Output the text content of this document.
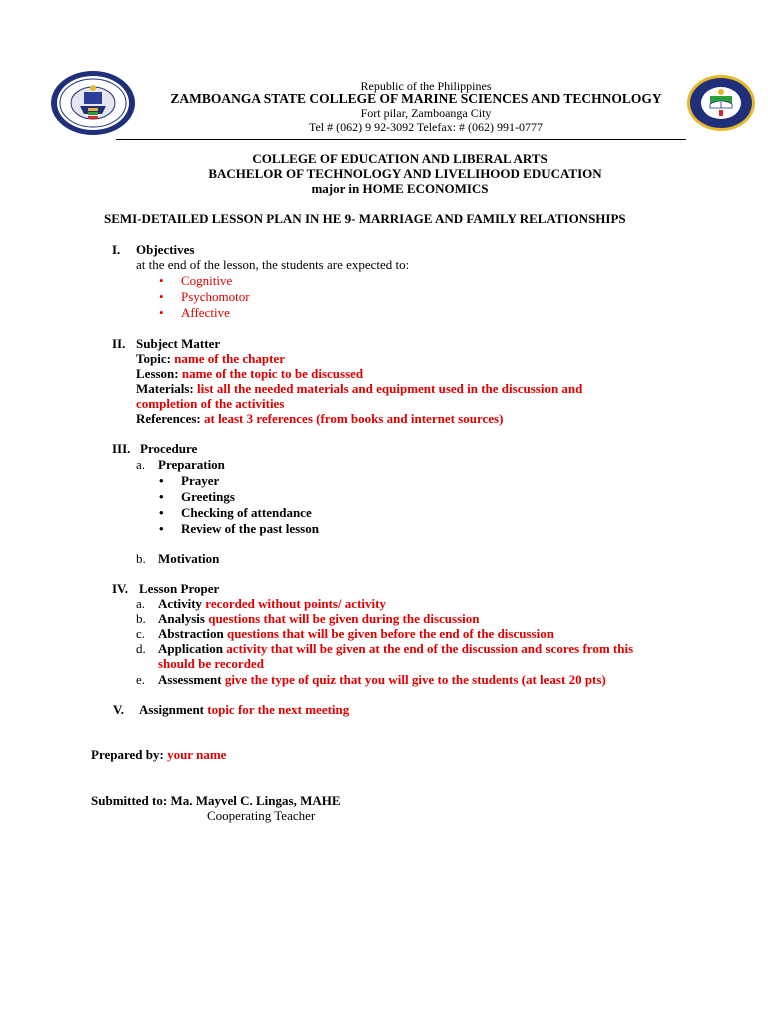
Republic of the Philippines
ZAMBOANGA STATE COLLEGE OF MARINE SCIENCES AND TECHNOLOGY
Fort pilar, Zamboanga City
Tel # (062) 9 92-3092 Telefax: # (062) 991-0777
COLLEGE OF EDUCATION AND LIBERAL ARTS
BACHELOR OF TECHNOLOGY AND LIVELIHOOD EDUCATION
major in HOME ECONOMICS
SEMI-DETAILED LESSON PLAN IN HE 9- MARRIAGE AND FAMILY RELATIONSHIPS
I. Objectives
at the end of the lesson, the students are expected to:
• Cognitive
• Psychomotor
• Affective
II. Subject Matter
Topic: name of the chapter
Lesson: name of the topic to be discussed
Materials: list all the needed materials and equipment used in the discussion and
completion of the activities
References: at least 3 references (from books and internet sources)
III. Procedure
a. Preparation
• Prayer
• Greetings
• Checking of attendance
• Review of the past lesson
b. Motivation
IV. Lesson Proper
a. Activity recorded without points/ activity
b. Analysis questions that will be given during the discussion
c. Abstraction questions that will be given before the end of the discussion
d. Application activity that will be given at the end of the discussion and scores from this
should be recorded
e. Assessment give the type of quiz that you will give to the students (at least 20 pts)
V. Assignment topic for the next meeting
Prepared by: your name
Submitted to: Ma. Mayvel C. Lingas, MAHE
Cooperating Teacher
